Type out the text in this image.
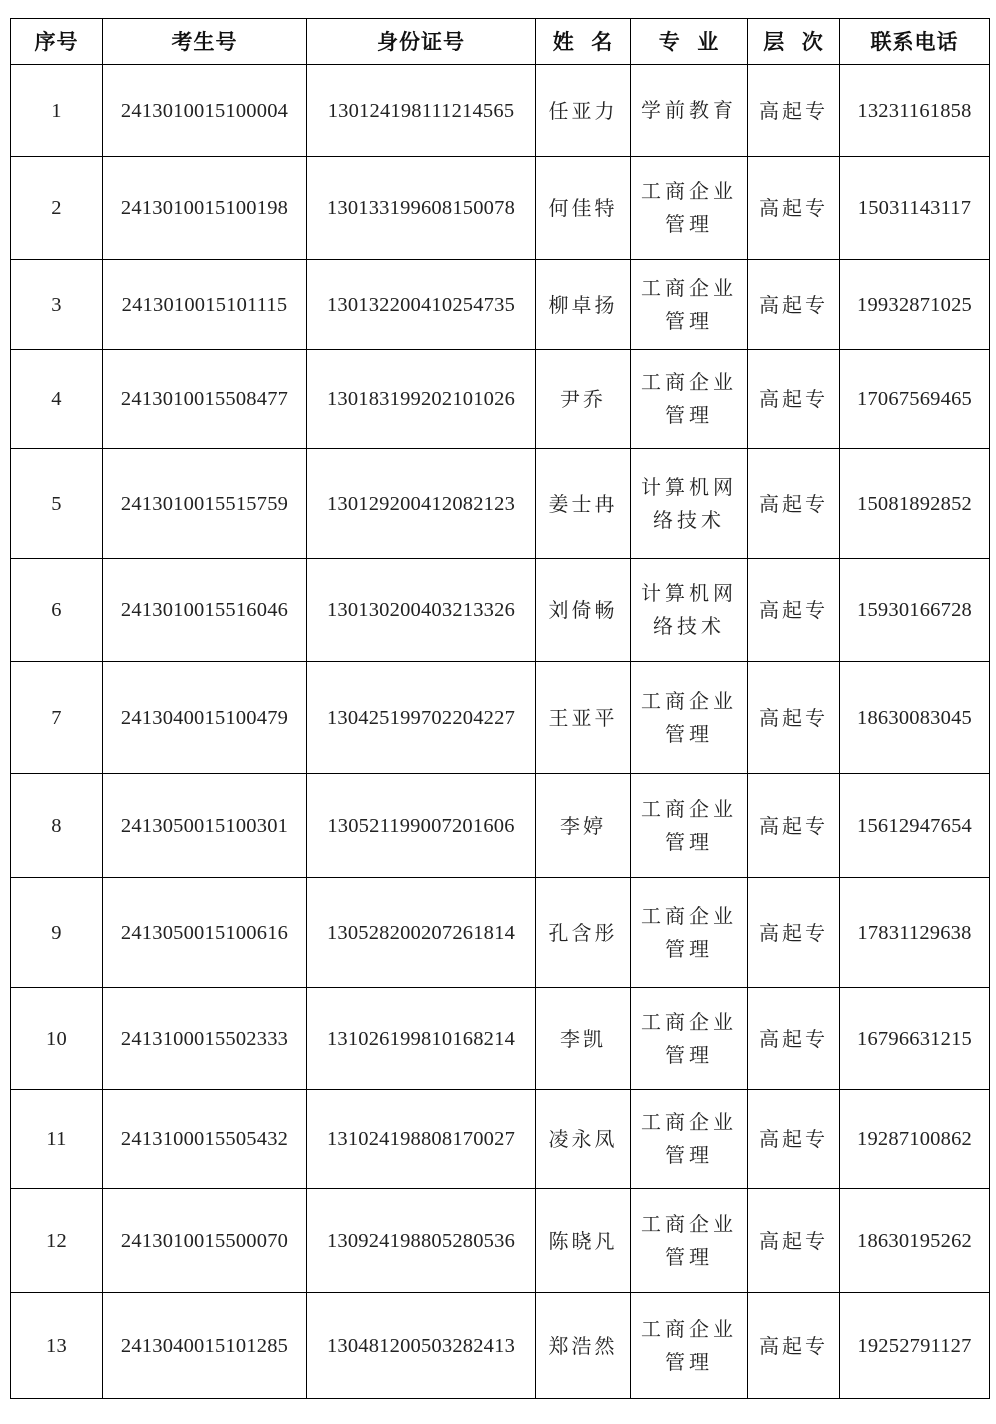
序号	考生号	身份证号	姓  名	专  业	层  次	联系电话
1	2413010015100004	130124198111214565	任亚力	学前教育	高起专	13231161858
2	2413010015100198	130133199608150078	何佳特	工商企业管理	高起专	15031143117
3	2413010015101115	130132200410254735	柳卓扬	工商企业管理	高起专	19932871025
4	2413010015508477	130183199202101026	尹乔	工商企业管理	高起专	17067569465
5	2413010015515759	130129200412082123	姜士冉	计算机网络技术	高起专	15081892852
6	2413010015516046	130130200403213326	刘倚畅	计算机网络技术	高起专	15930166728
7	2413040015100479	130425199702204227	王亚平	工商企业管理	高起专	18630083045
8	2413050015100301	130521199007201606	李婷	工商企业管理	高起专	15612947654
9	2413050015100616	130528200207261814	孔含彤	工商企业管理	高起专	17831129638
10	2413100015502333	131026199810168214	李凯	工商企业管理	高起专	16796631215
11	2413100015505432	131024198808170027	凌永凤	工商企业管理	高起专	19287100862
12	2413010015500070	130924198805280536	陈晓凡	工商企业管理	高起专	18630195262
13	2413040015101285	130481200503282413	郑浩然	工商企业管理	高起专	19252791127
